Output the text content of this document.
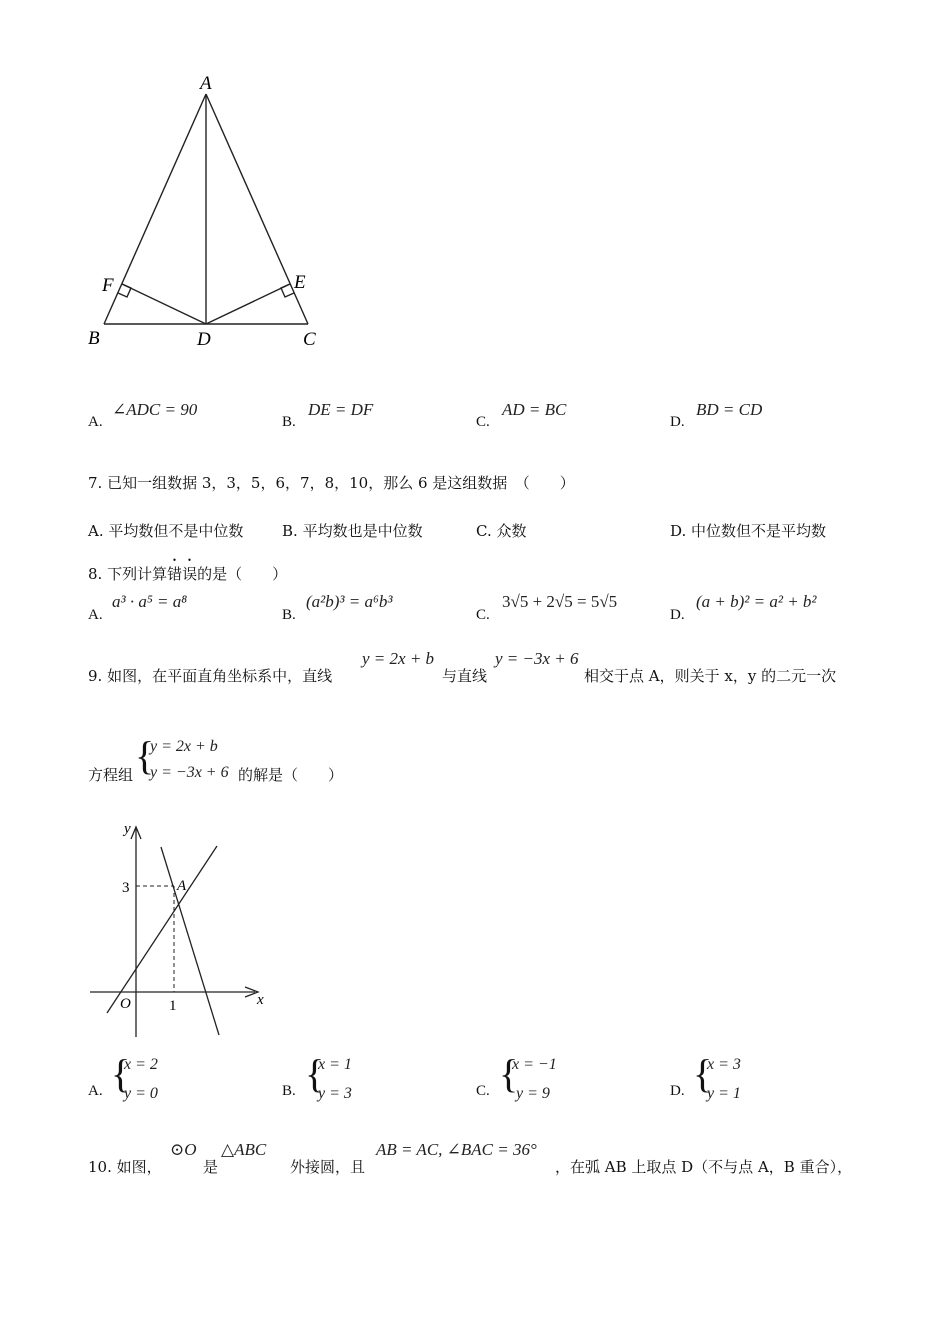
A
B	C
D
E
F
A.
∠ADC = 90
B.
DE = DF
C.
AD = BC
D.
BD = CD
7. 已知一组数据 3，3，5，6，7，8，10，那么 6 是这组数据　（　　）
A. 平均数但不是中位数	B. 平均数也是中位数	C. 众数	D. 中位数但不是平均数
8. 下列计算错误的是（　　）
A.
a³ · a⁵ = a⁸
B.
(a²b)³ = a⁶b³
C.
3√5 + 2√5 = 5√5
D.
(a + b)² = a² + b²
9. 如图，在平面直角坐标系中，直线
y = 2x + b
与直线
y = −3x + 6
相交于点 A，则关于 x，y 的二元一次
方程组 {
y = 2x + b
y = −3x + 6 的解是（　　）
y
x
O
A
3
1
A. {
x = 2
y = 0	B. {
x = 1
y = 3	C. {
x = −1
y = 9	D. {
x = 3
y = 1
10. 如图，
⊙O
是
△ABC
外接圆，且
AB = AC, ∠BAC = 36°
，在弧 AB 上取点 D（不与点 A，B 重合），
